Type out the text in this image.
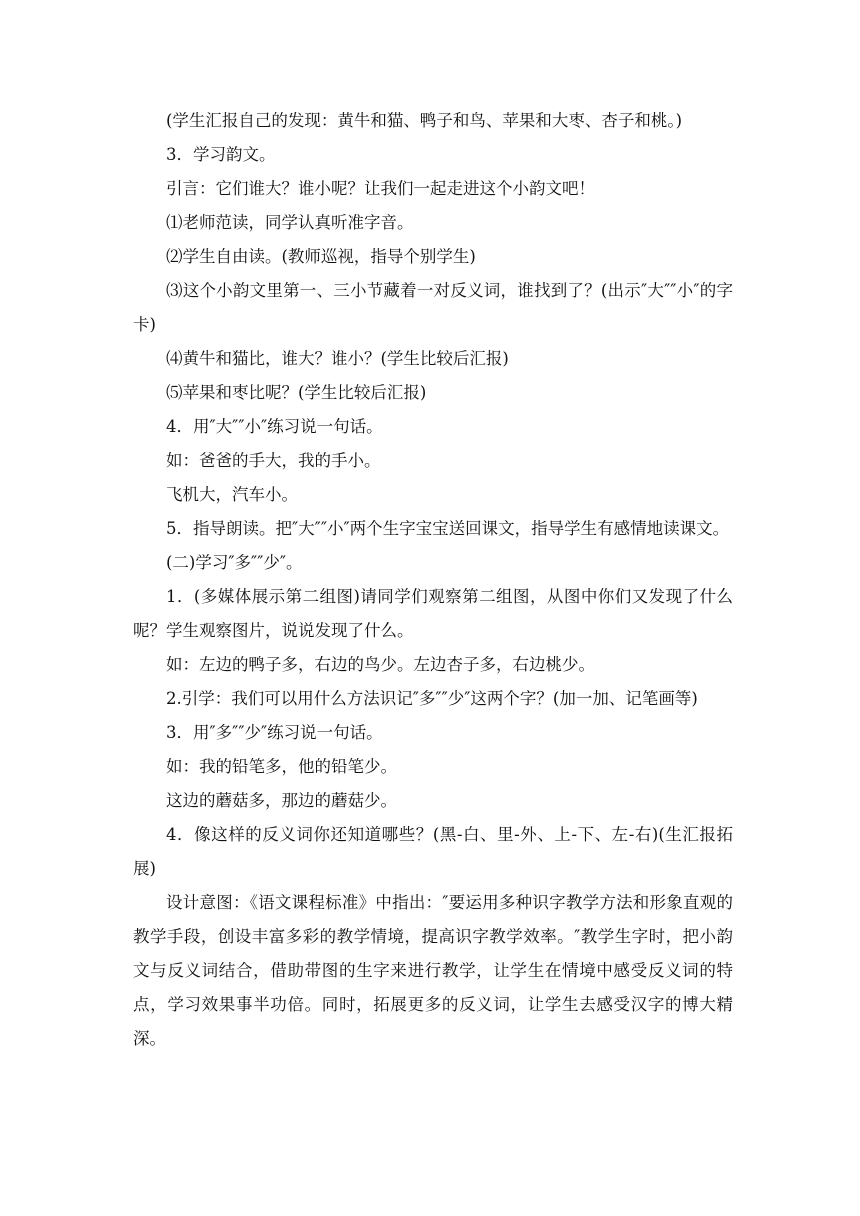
(学生汇报自己的发现：黄牛和猫、鸭子和鸟、苹果和大枣、杏子和桃。)

3．学习韵文。

引言：它们谁大？谁小呢？让我们一起走进这个小韵文吧！

⑴老师范读，同学认真听准字音。

⑵学生自由读。(教师巡视，指导个别学生)

⑶这个小韵文里第一、三小节藏着一对反义词，谁找到了？(出示″大″″小″的字卡)

⑷黄牛和猫比，谁大？谁小？(学生比较后汇报)

⑸苹果和枣比呢？(学生比较后汇报)

4．用″大″″小″练习说一句话。

如：爸爸的手大，我的手小。

飞机大，汽车小。

5．指导朗读。把″大″″小″两个生字宝宝送回课文，指导学生有感情地读课文。

(二)学习″多″″少″。

1．(多媒体展示第二组图)请同学们观察第二组图，从图中你们又发现了什么呢？学生观察图片，说说发现了什么。

如：左边的鸭子多，右边的鸟少。左边杏子多，右边桃少。

2.引学：我们可以用什么方法识记″多″″少″这两个字？(加一加、记笔画等)

3．用″多″″少″练习说一句话。

如：我的铅笔多，他的铅笔少。

这边的蘑菇多，那边的蘑菇少。

4．像这样的反义词你还知道哪些？(黑-白、里-外、上-下、左-右)(生汇报拓展)

设计意图：《语文课程标准》中指出：″要运用多种识字教学方法和形象直观的教学手段，创设丰富多彩的教学情境，提高识字教学效率。″教学生字时，把小韵文与反义词结合，借助带图的生字来进行教学，让学生在情境中感受反义词的特点，学习效果事半功倍。同时，拓展更多的反义词，让学生去感受汉字的博大精深。
